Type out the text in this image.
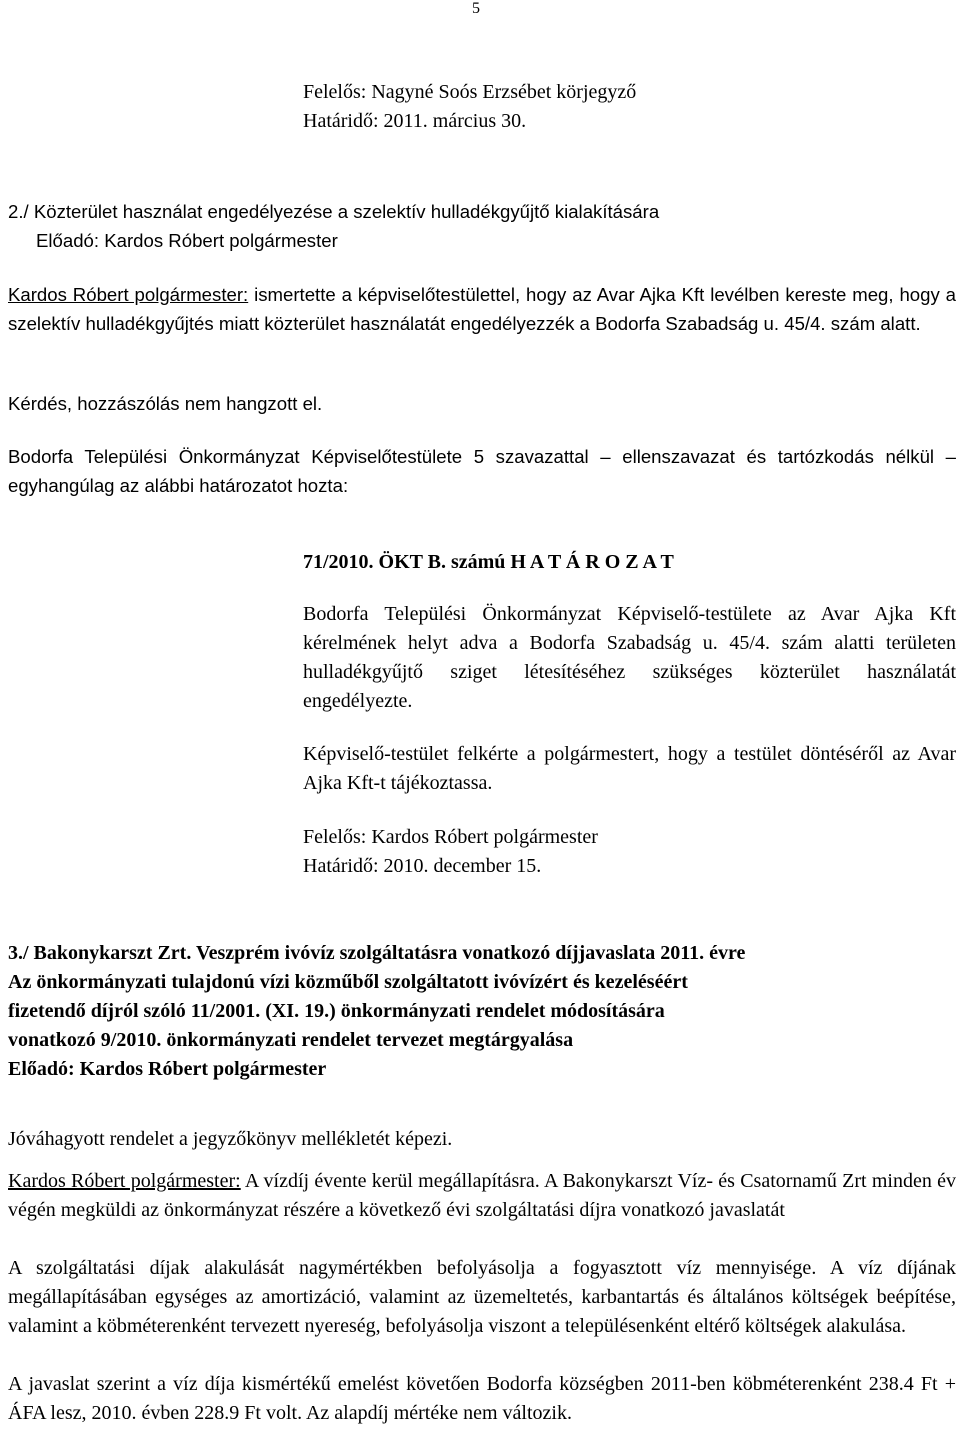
5
Felelős: Nagyné Soós Erzsébet körjegyző
Határidő: 2011. március 30.
2./ Közterület használat engedélyezése a szelektív hulladékgyűjtő kialakítására
Előadó: Kardos Róbert polgármester
Kardos Róbert polgármester: ismertette a képviselőtestülettel, hogy az Avar Ajka Kft levélben kereste meg, hogy a szelektív hulladékgyűjtés miatt közterület használatát engedélyezzék a Bodorfa Szabadság u. 45/4. szám alatt.
Kérdés, hozzászólás nem hangzott el.
Bodorfa Települési Önkormányzat Képviselőtestülete 5 szavazattal – ellenszavazat és tartózkodás nélkül – egyhangúlag az alábbi határozatot hozta:
71/2010. ÖKT B. számú H A T Á R O Z A T
Bodorfa Települési Önkormányzat Képviselő-testülete az Avar Ajka Kft kérelmének helyt adva a Bodorfa Szabadság u. 45/4. szám alatti területen hulladékgyűjtő sziget létesítéséhez szükséges közterület használatát engedélyezte.
Képviselő-testület felkérte a polgármestert, hogy a testület döntéséről az Avar Ajka Kft-t tájékoztassa.
Felelős: Kardos Róbert polgármester
Határidő: 2010. december 15.
3./ Bakonykarszt Zrt. Veszprém ivóvíz szolgáltatásra vonatkozó díjjavaslata 2011. évre
Az önkormányzati tulajdonú vízi közműből szolgáltatott ivóvízért és kezeléséért
fizetendő díjról szóló 11/2001. (XI. 19.) önkormányzati rendelet módosítására
vonatkozó 9/2010. önkormányzati rendelet tervezet megtárgyalása
Előadó: Kardos Róbert polgármester
Jóváhagyott rendelet a jegyzőkönyv mellékletét képezi.
Kardos Róbert polgármester: A vízdíj évente kerül megállapításra. A Bakonykarszt Víz- és Csatornamű Zrt minden év végén megküldi az önkormányzat részére a következő évi szolgáltatási díjra vonatkozó javaslatát
A szolgáltatási díjak alakulását nagymértékben befolyásolja a fogyasztott víz mennyisége. A víz díjának megállapításában egységes az amortizáció, valamint az üzemeltetés, karbantartás és általános költségek beépítése, valamint a köbméterenként tervezett nyereség, befolyásolja viszont a településenként eltérő költségek alakulása.
A javaslat szerint a víz díja kismértékű emelést követően Bodorfa községben 2011-ben köbméterenként 238.4 Ft + ÁFA lesz, 2010. évben 228.9 Ft volt. Az alapdíj mértéke nem változik.
